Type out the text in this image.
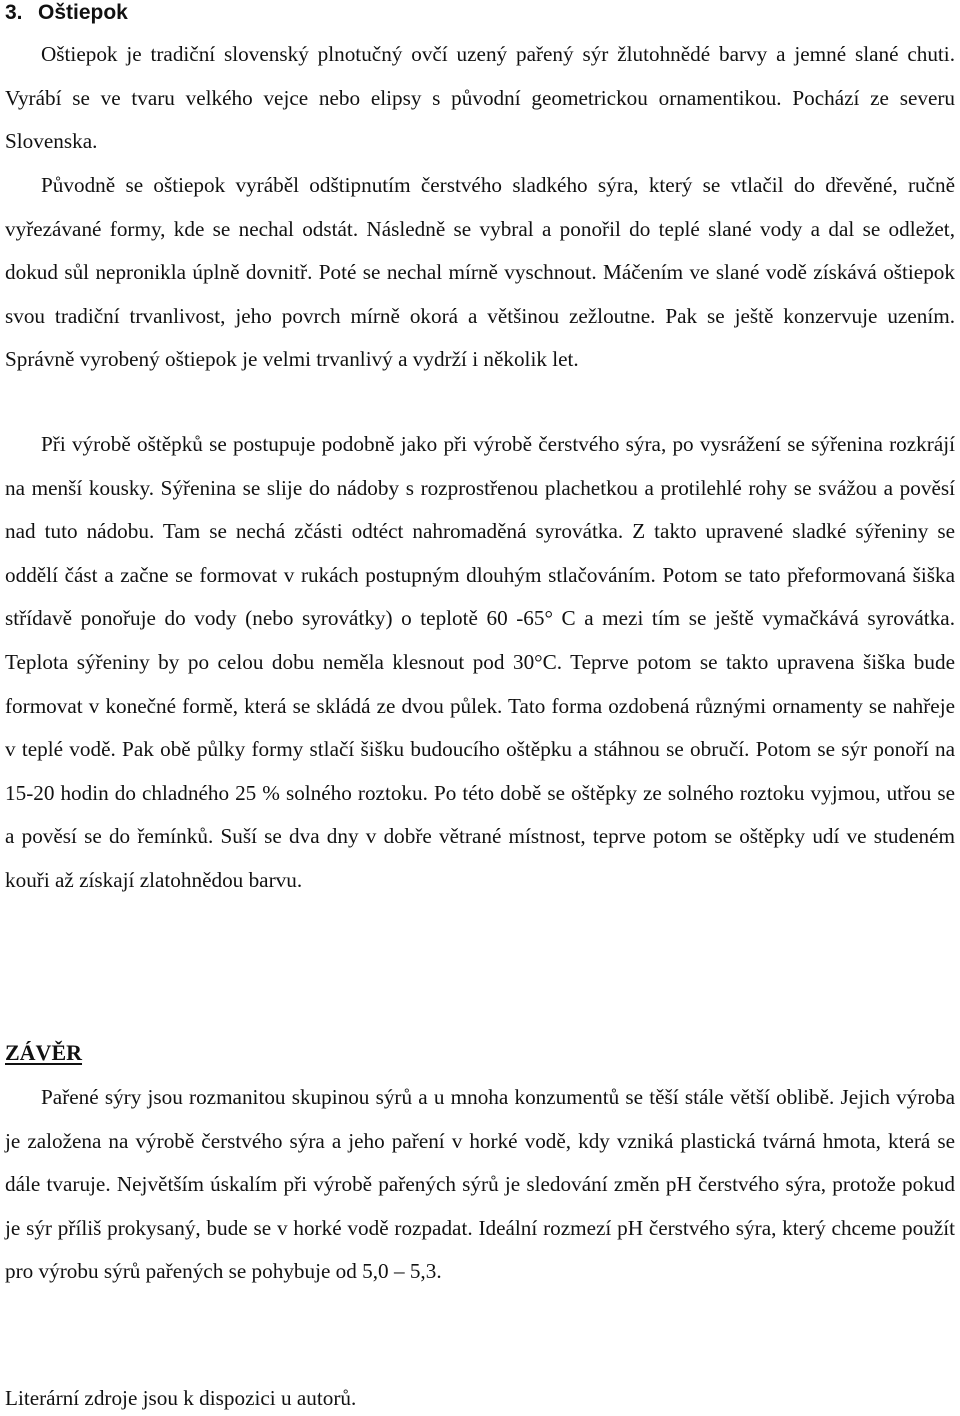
3. Oštiepok

Oštiepok je tradiční slovenský plnotučný ovčí uzený pařený sýr žlutohnědé barvy a jemné slané chuti. Vyrábí se ve tvaru velkého vejce nebo elipsy s původní geometrickou ornamentikou. Pochází ze severu Slovenska.

Původně se oštiepok vyráběl odštipnutím čerstvého sladkého sýra, který se vtlačil do dřevěné, ručně vyřezávané formy, kde se nechal odstát. Následně se vybral a ponořil do teplé slané vody a dal se odležet, dokud sůl nepronikla úplně dovnitř. Poté se nechal mírně vyschnout. Máčením ve slané vodě získává oštiepok svou tradiční trvanlivost, jeho povrch mírně okorá a většinou zežloutne. Pak se ještě konzervuje uzením. Správně vyrobený oštiepok je velmi trvanlivý a vydrží i několik let.

Při výrobě oštěpků se postupuje podobně jako při výrobě čerstvého sýra, po vysrážení se sýřenina rozkrájí na menší kousky. Sýřenina se slije do nádoby s rozprostřenou plachetkou a protilehlé rohy se svážou a pověsí nad tuto nádobu. Tam se nechá zčásti odtéct nahromaděná syrovátka. Z takto upravené sladké sýřeniny se oddělí část a začne se formovat v rukách postupným dlouhým stlačováním. Potom se tato přeformovaná šiška střídavě ponořuje do vody (nebo syrovátky) o teplotě 60 -65° C a mezi tím se ještě vymačkává syrovátka. Teplota sýřeniny by po celou dobu neměla klesnout pod 30°C. Teprve potom se takto upravena šiška bude formovat v konečné formě, která se skládá ze dvou půlek. Tato forma ozdobená různými ornamenty se nahřeje v teplé vodě. Pak obě půlky formy stlačí šišku budoucího oštěpku a stáhnou se obručí. Potom se sýr ponoří na 15-20 hodin do chladného 25 % solného roztoku. Po této době se oštěpky ze solného roztoku vyjmou, utřou se a pověsí se do řemínků. Suší se dva dny v dobře větrané místnost, teprve potom se oštěpky udí ve studeném kouři až získají zlatohnědou barvu.

ZÁVĚR

Pařené sýry jsou rozmanitou skupinou sýrů a u mnoha konzumentů se těší stále větší oblibě. Jejich výroba je založena na výrobě čerstvého sýra a jeho paření v horké vodě, kdy vzniká plastická tvárná hmota, která se dále tvaruje. Největším úskalím při výrobě pařených sýrů je sledování změn pH čerstvého sýra, protože pokud je sýr příliš prokysaný, bude se v horké vodě rozpadat. Ideální rozmezí pH čerstvého sýra, který chceme použít pro výrobu sýrů pařených se pohybuje od 5,0 – 5,3.

Literární zdroje jsou k dispozici u autorů.
